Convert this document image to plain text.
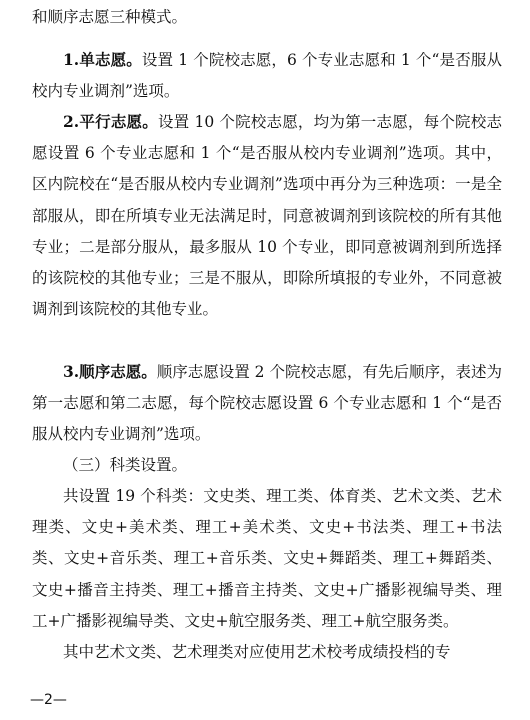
和顺序志愿三种模式。

1.单志愿。设置 1 个院校志愿，6 个专业志愿和 1 个“是否服从校内专业调剂”选项。

2.平行志愿。设置 10 个院校志愿，均为第一志愿，每个院校志愿设置 6 个专业志愿和 1 个“是否服从校内专业调剂”选项。其中，区内院校在“是否服从校内专业调剂”选项中再分为三种选项：一是全部服从，即在所填专业无法满足时，同意被调剂到该院校的所有其他专业；二是部分服从，最多服从 10 个专业，即同意被调剂到所选择的该院校的其他专业；三是不服从，即除所填报的专业外，不同意被调剂到该院校的其他专业。

3.顺序志愿。顺序志愿设置 2 个院校志愿，有先后顺序，表述为第一志愿和第二志愿，每个院校志愿设置 6 个专业志愿和 1 个“是否服从校内专业调剂”选项。

（三）科类设置。

共设置 19 个科类：文史类、理工类、体育类、艺术文类、艺术理类、文史+美术类、理工+美术类、文史+书法类、理工+书法类、文史+音乐类、理工+音乐类、文史+舞蹈类、理工+舞蹈类、文史+播音主持类、理工+播音主持类、文史+广播影视编导类、理工+广播影视编导类、文史+航空服务类、理工+航空服务类。

其中艺术文类、艺术理类对应使用艺术校考成绩投档的专

—2—
